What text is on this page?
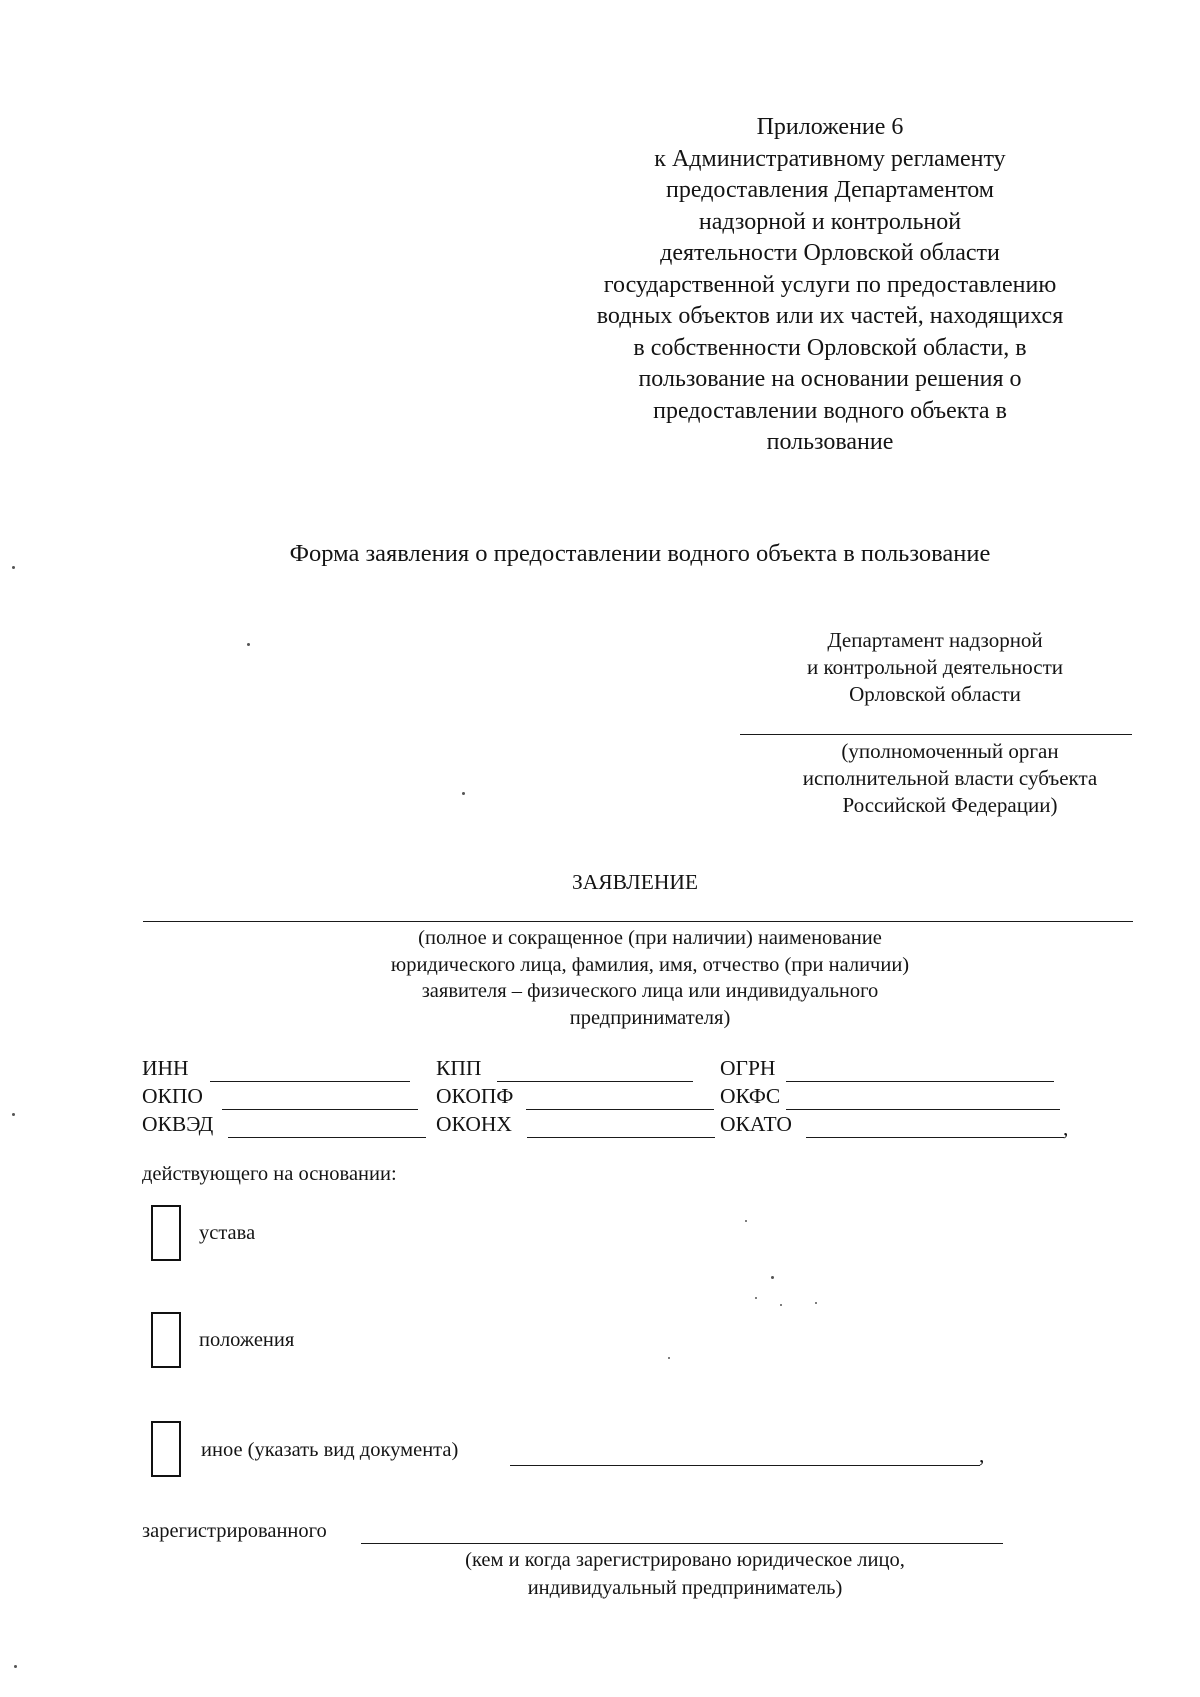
Приложение 6
к Административному регламенту
предоставления Департаментом
надзорной и контрольной
деятельности Орловской области
государственной услуги по предоставлению
водных объектов или их частей, находящихся
в собственности Орловской области, в
пользование на основании решения о
предоставлении водного объекта в
пользование
Форма заявления о предоставлении водного объекта в пользование
Департамент надзорной
и контрольной деятельности
Орловской области
(уполномоченный орган
исполнительной власти субъекта
Российской Федерации)
ЗАЯВЛЕНИЕ
(полное и сокращенное (при наличии) наименование
юридического лица, фамилия, имя, отчество (при наличии)
заявителя – физического лица или индивидуального
предпринимателя)
ИНН	КПП	ОГРН
ОКПО	ОКОПФ	ОКФС
ОКВЭД	ОКОНХ	ОКАТО	,
действующего на основании:
устава
положения
иное (указать вид документа)	,
зарегистрированного
(кем и когда зарегистрировано юридическое лицо,
индивидуальный предприниматель)
